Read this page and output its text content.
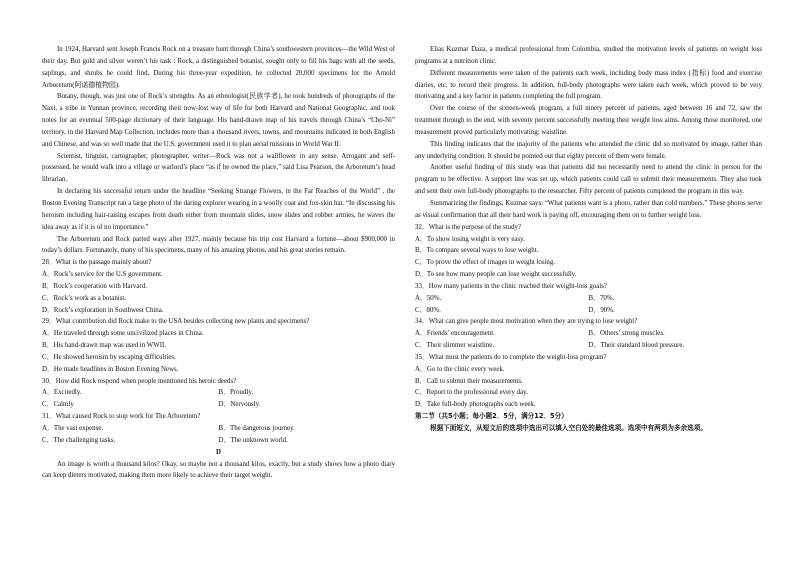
In 1924, Harvard sent Joseph Francis Rock on a treasure hunt through China’s southwestern provinces—the Wild West of their day. But gold and silver weren’t his task : Rock, a distinguished botanist, sought only to fill his bags with all the seeds, saplings, and shrubs he could find. During his three-year expedition, he collected 20,000 specimens for the Arnold Arboretum(阿诺德植物园).

Botany, though, was just one of Rock’s strengths. As an ethnologist(民族学者), he took hundreds of photographs of the Naxi, a tribe in Yunnan province, recording their now-lost way of life for both Harvard and National Geographic, and took notes for an eventual 500-page dictionary of their language. His hand-drawn map of his travels through China’s “Cho-Ni” territory, in the Harvard Map Collection, includes more than a thousand rivers, towns, and mountains indicated in both English and Chinese, and was so well made that the U.S. government used it to plan aerial missions in World War II.

Scientist, linguist, cartographer, photographer, writer—Rock was not a wallflower in any sense. Arrogant and self-possessed, he would walk into a village or warlord’s place “as if he owned the place,” said Lisa Pearson, the Arboretum’s head librarian.

In declaring his successful return under the headline “Seeking Strange Flowers, in the Far Reaches of the World” , the Boston Evening Transcript ran a large photo of the daring explorer wearing in a woolly coat and fox-skin hat. “In discussing his heroism including hair-raising escapes from death either from mountain slides, snow slides and robber armies, he waves the idea away as if it is of no importance.”

The Arboretum and Rock parted ways after 1927, mainly because his trip cost Harvard a fortune—about $900,000 in today’s dollars. Fortunately, many of his specimens, many of his amazing photos, and his great stories remain.

28．What is the passage mainly about?
A．Rock’s service for the U.S government.
B．Rock’s cooperation with Harvard.
C．Rock’s work as a botanist.
D．Rock’s exploration in Southwest China.
29．What contribution did Rock make to the USA besides collecting new plants and specimens?
A．He traveled through some uncivilized places in China.
B．His hand-drawn map was used in WWII.
C．He showed heroism by escaping difficulties.
D．He made headlines in Boston Evening News.
30．How did Rock respond when people mentioned his heroic deeds?
A．Excitedly.	B．Proudly.
C．Calmly	D．Nervously.
31．What caused Rock to stop work for The Arboretum?
A．The vast expense.	B．The dangerous journey.
C．The challenging tasks.	D．The unknown world.
D

An image is worth a thousand kilos? Okay, so maybe not a thousand kilos, exactly, but a study shows how a photo diary can keep dieters motivated, making them more likely to achieve their target weight.

Elias Kuzmar Daza, a medical professional from Colombia, studied the motivation levels of patients on weight loss programs at a nutrition clinic.

Different measurements were taken of the patients each week, including body mass index (指标) food and exercise diaries, etc. to record their progress. In addition, full-body photographs were taken each week, which proved to be very motivating and a key factor in patients completing the full program.

Over the course of the sixteen-week program, a full ninety percent of patients, aged between 16 and 72, saw the treatment through to the end, with seventy percent successfully meeting their weight loss aims. Among those monitored, one measurement proved particularly motivating: waistline.

This finding indicates that the majority of the patients who attended the clinic did so motivated by image, rather than any underlying condition. It should be pointed out that eighty percent of them were female.

Another useful finding of this study was that patients did not necessarily need to attend the clinic in person for the program to be effective. A support line was set up, which patients could call to submit their measurements. They also took and sent their own full-body photographs to the researcher. Fifty percent of patients completed the program in this way.

Summarizing the findings, Kuzmar says: “What patients want is a photo, rather than cold numbers.” These photos serve as visual confirmation that all their hard work is paying off, encouraging them on to further weight loss.

32．What is the purpose of the study?
A．To show losing weight is very easy.
B．To compare several ways to lose weight.
C．To prove the effect of images in weight losing.
D．To see how many people can lose weight successfully.
33．How many patients in the clinic reached their weight-loss goals?
A．50%.	B．70%.
C．80%.	D．90%.
34．What can give people most motivation when they are trying to lose weight?
A．Friends’ encouragement.	B．Others’ strong muscles.
C．Their slimmer waistline.	D．Their standard blood pressure.
35．What must the patients do to complete the weight-loss program?
A．Go to the clinic every week.
B．Call to submit their measurements.
C．Report to the professional every day.
D．Take full-body photographs each week.
第二节（共5小题；每小题2．5分，满分12．5分）
根据下面短文，从短文后的选项中选出可以填入空白处的最佳选项。选项中有两项为多余选项。
